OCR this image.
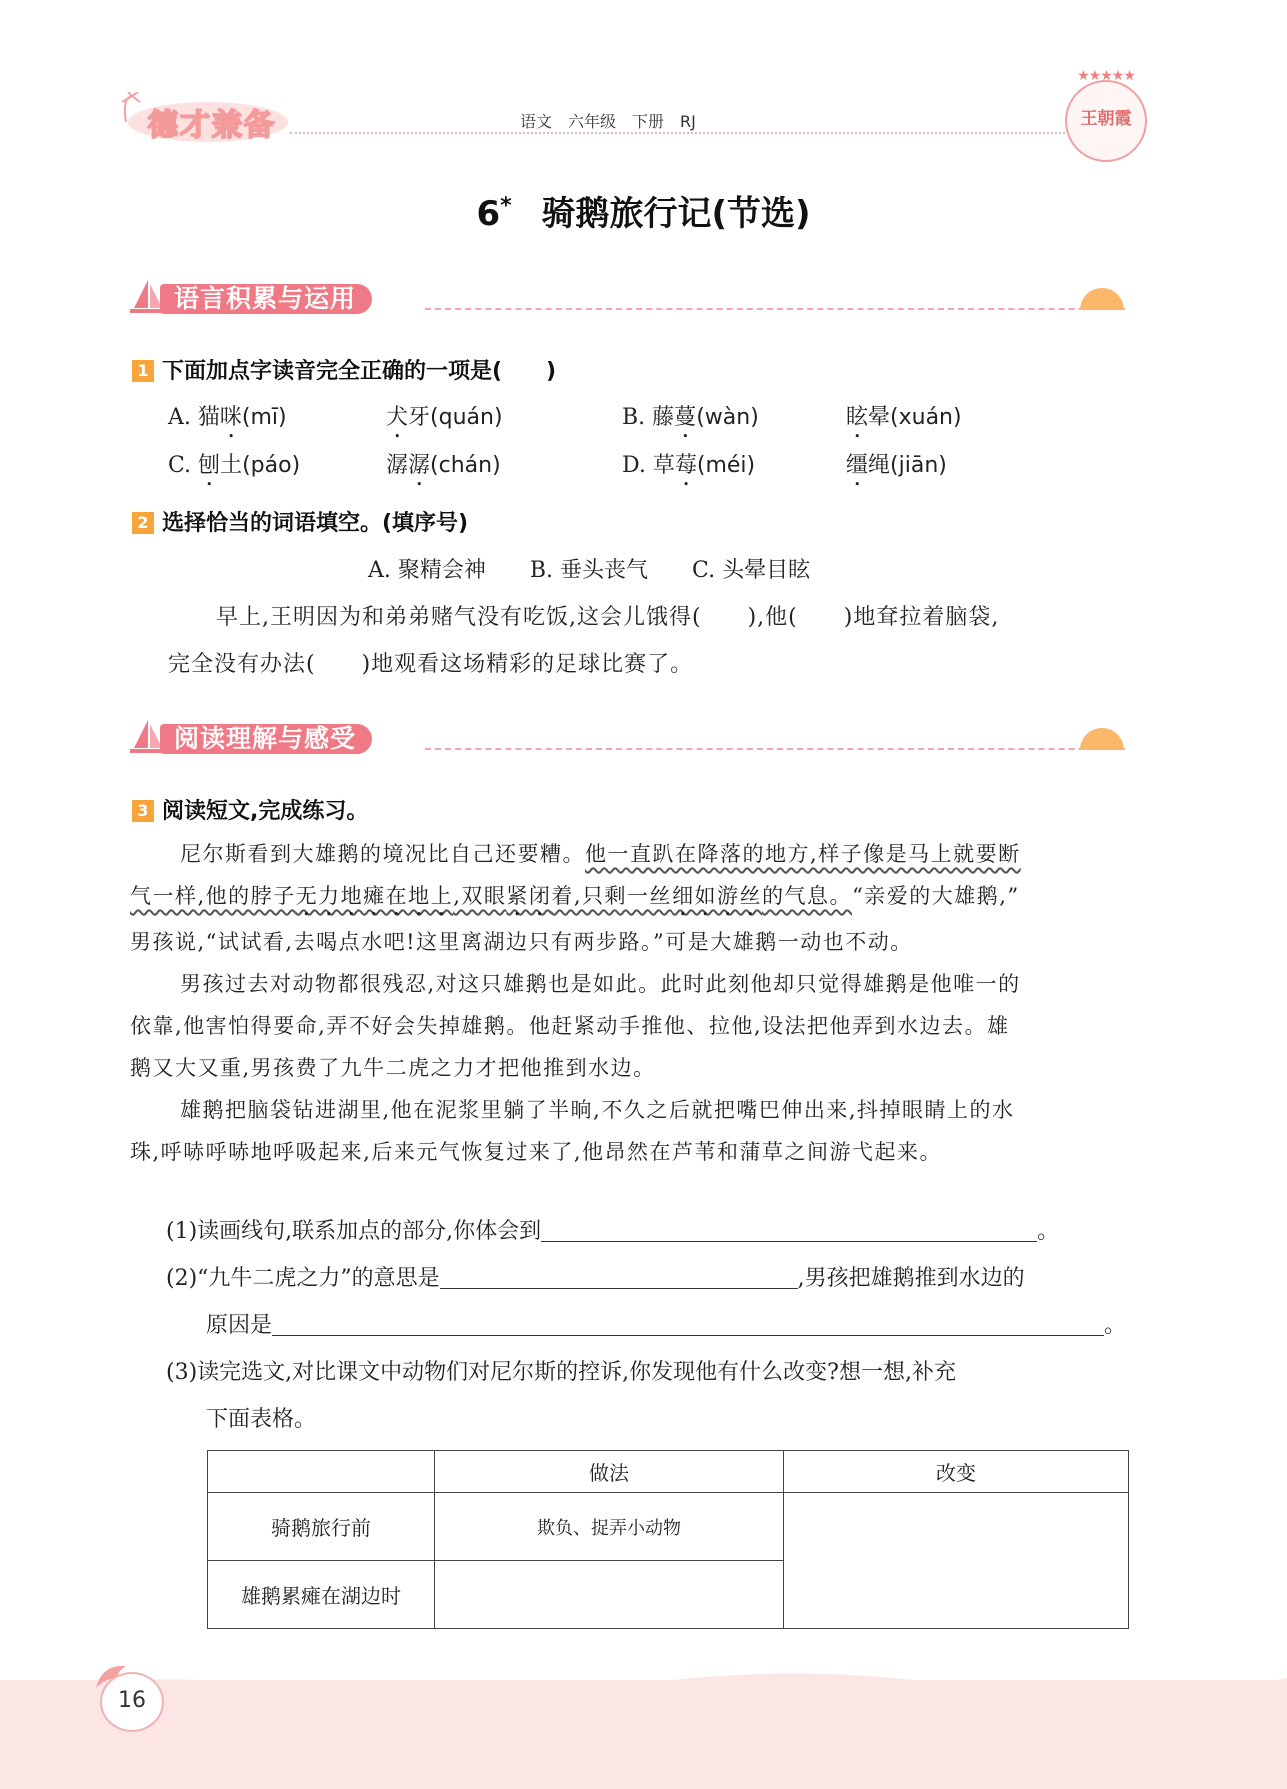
德才兼备	语文　六年级　下册　RJ
★★★★★
王朝霞
6* 骑鹅旅行记(节选)
语言积累与运用
1 下面加点字读音完全正确的一项是(　　)
A. 猫咪(mī)	犬牙(quán)	B. 藤蔓(wàn)	眩晕(xuán)
C. 刨土(páo)	潺潺(chán)	D. 草莓(méi)	缰绳(jiān)
2 选择恰当的词语填空。(填序号)
A. 聚精会神　　B. 垂头丧气　　C. 头晕目眩
早上,王明因为和弟弟赌气没有吃饭,这会儿饿得(　　),他(　　)地耷拉着脑袋,
完全没有办法(　　)地观看这场精彩的足球比赛了。
阅读理解与感受
3 阅读短文,完成练习。
尼尔斯看到大雄鹅的境况比自己还要糟。他一直趴在降落的地方,样子像是马上就要断
气一样,他的脖子无力地瘫在地上,双眼紧闭着,只剩一丝细如游丝的气息。“亲爱的大雄鹅,”
男孩说,“试试看,去喝点水吧!这里离湖边只有两步路。”可是大雄鹅一动也不动。
男孩过去对动物都很残忍,对这只雄鹅也是如此。此时此刻他却只觉得雄鹅是他唯一的
依靠,他害怕得要命,弄不好会失掉雄鹅。他赶紧动手推他、拉他,设法把他弄到水边去。雄
鹅又大又重,男孩费了九牛二虎之力才把他推到水边。
雄鹅把脑袋钻进湖里,他在泥浆里躺了半晌,不久之后就把嘴巴伸出来,抖掉眼睛上的水
珠,呼哧呼哧地呼吸起来,后来元气恢复过来了,他昂然在芦苇和蒲草之间游弋起来。
(1)读画线句,联系加点的部分,你体会到	。
(2)“九牛二虎之力”的意思是	,男孩把雄鹅推到水边的
原因是	。
(3)读完选文,对比课文中动物们对尼尔斯的控诉,你发现他有什么改变?想一想,补充
下面表格。
	做法	改变
骑鹅旅行前	欺负、捉弄小动物	
雄鹅累瘫在湖边时		
16
